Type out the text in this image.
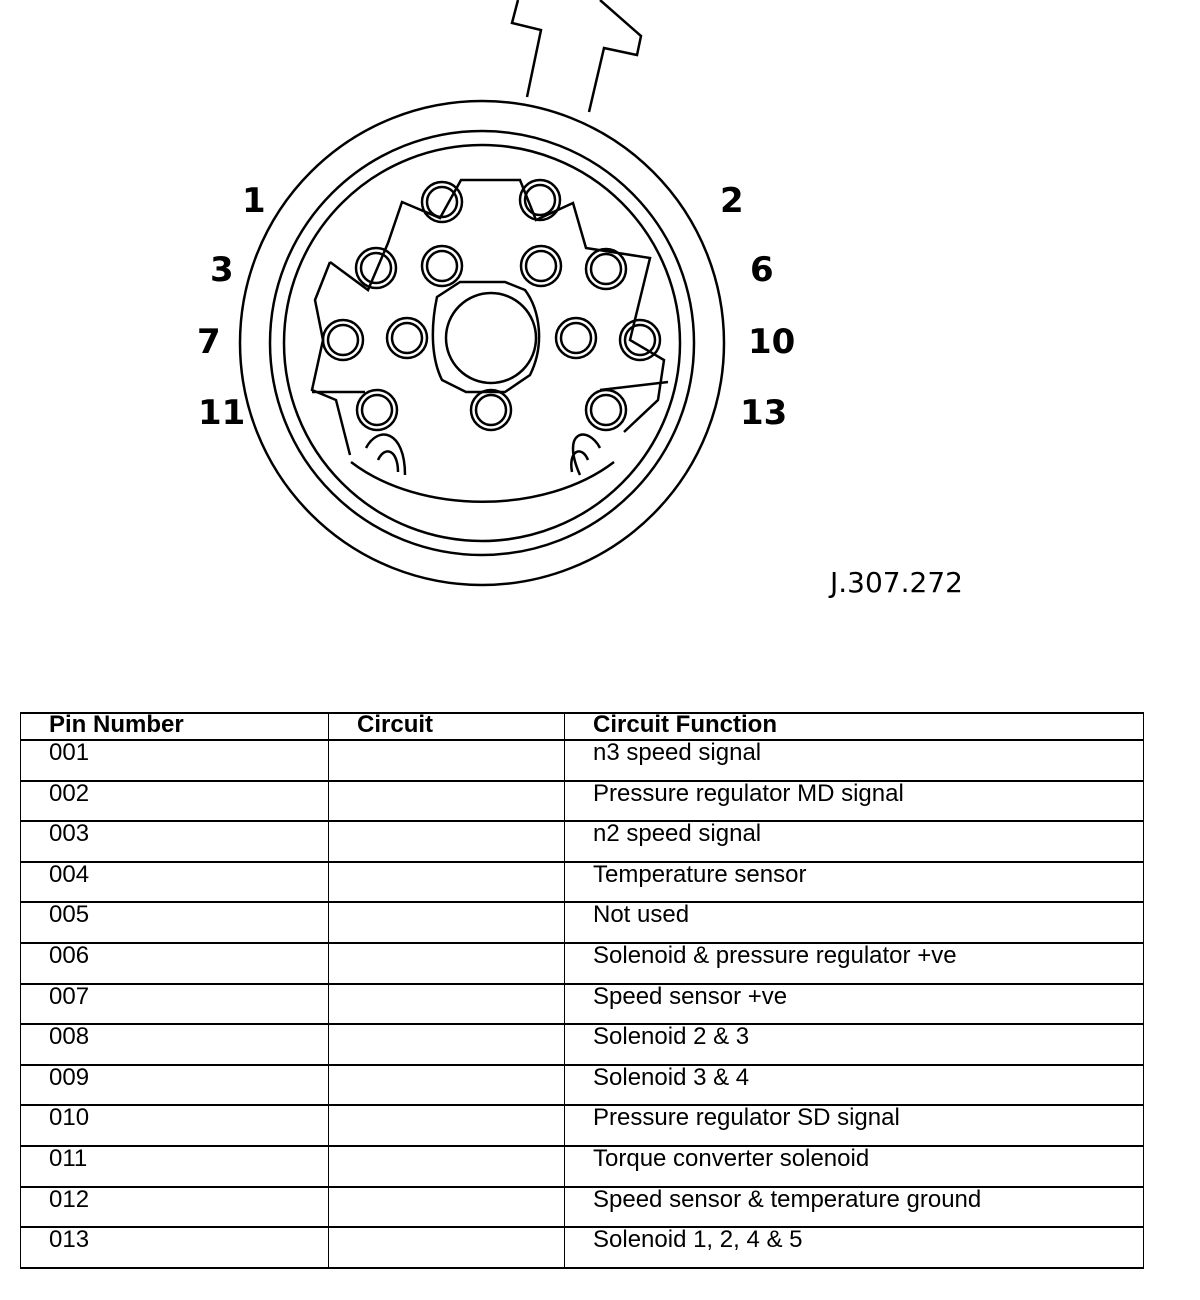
1	2
3	6
7	10
11	13
J.307.272
Pin Number	Circuit	Circuit Function
001		n3 speed signal
002		Pressure regulator MD signal
003		n2 speed signal
004		Temperature sensor
005		Not used
006		Solenoid & pressure regulator +ve
007		Speed sensor +ve
008		Solenoid 2 & 3
009		Solenoid 3 & 4
010		Pressure regulator SD signal
011		Torque converter solenoid
012		Speed sensor & temperature ground
013		Solenoid 1, 2, 4 & 5
